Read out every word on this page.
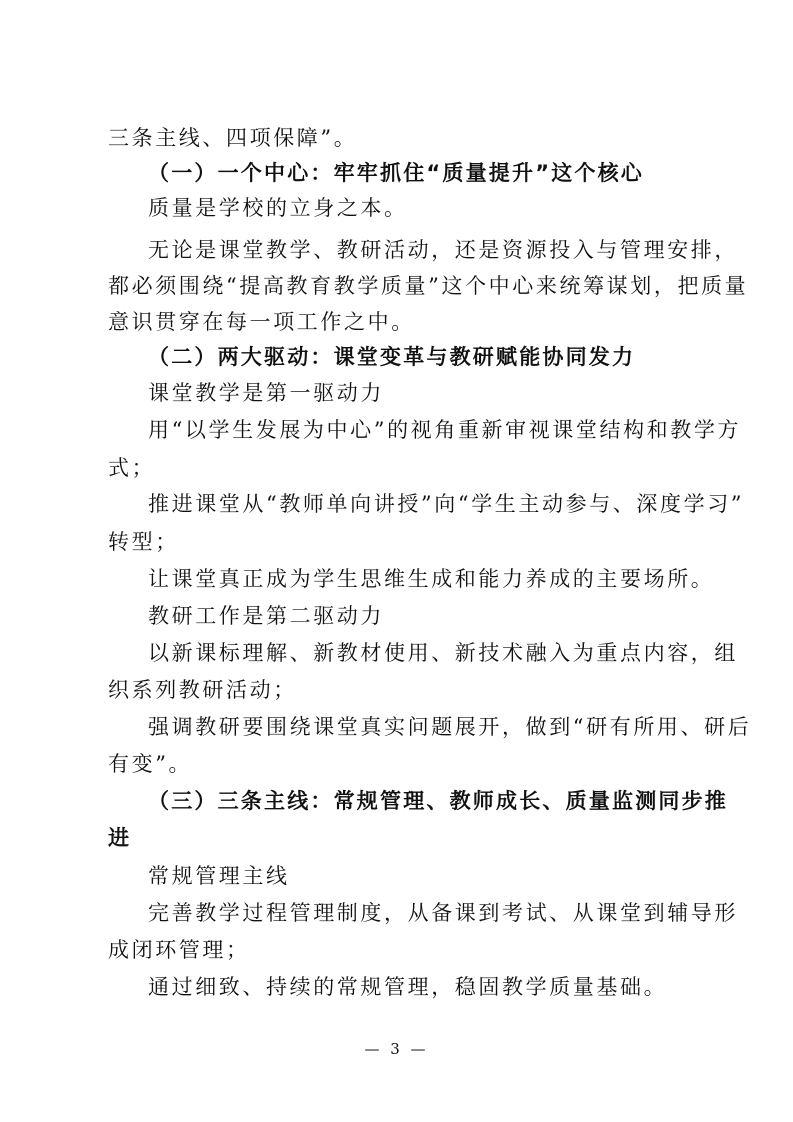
三条主线、四项保障”。
（一）一个中心：牢牢抓住“质量提升”这个核心
质量是学校的立身之本。
无论是课堂教学、教研活动，还是资源投入与管理安排，
都必须围绕“提高教育教学质量”这个中心来统筹谋划，把质量
意识贯穿在每一项工作之中。
（二）两大驱动：课堂变革与教研赋能协同发力
课堂教学是第一驱动力
用“以学生发展为中心”的视角重新审视课堂结构和教学方
式；
推进课堂从“教师单向讲授”向“学生主动参与、深度学习”
转型；
让课堂真正成为学生思维生成和能力养成的主要场所。
教研工作是第二驱动力
以新课标理解、新教材使用、新技术融入为重点内容，组
织系列教研活动；
强调教研要围绕课堂真实问题展开，做到“研有所用、研后
有变”。
（三）三条主线：常规管理、教师成长、质量监测同步推
进
常规管理主线
完善教学过程管理制度，从备课到考试、从课堂到辅导形
成闭环管理；
通过细致、持续的常规管理，稳固教学质量基础。
— 3 —
